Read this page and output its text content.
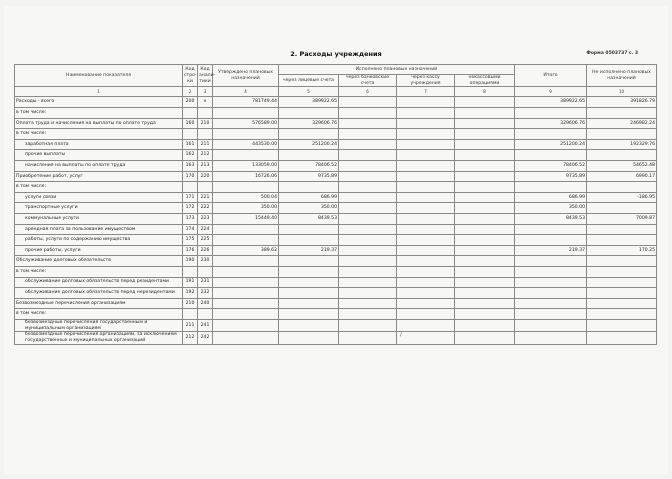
2. Расходы учреждения	Форма 0503737 с. 3
Наименование показателя	Код стро-ки	Код анали-тики	Утверждено плановых назначений	Исполнено плановых назначений				Итого	Не исполнено плановых назначений
				через лицевые счета	через банковские счета	через кассу учреждения	некассовыми операциями		
1	2	3	4	5	6	7	8	9	10
Расходы - всего	200	x	781749.44	389922.65				389922.65	391826.79
в том числе:									
Оплата труда и начисления на выплаты по оплате труда	160	210	576589.00	329606.76				329606.76	246982.24
в том числе:									
заработная плата	161	211	443530.00	251200.24				251200.24	192329.76
прочие выплаты	162	212							
начисления на выплаты по оплате труда	163	213	133059.00	78406.52				78406.52	54652.48
Приобретение работ, услуг	170	220	16726.06	9735.89				9735.89	6990.17
в том числе:									
услуги связи	171	221	500.04	686.99				686.99	-186.95
транспортные услуги	172	222	350.00	350.00				350.00	
коммунальные услуги	173	223	15449.40	8439.53				8439.53	7009.87
арендная плата за пользование имуществом	174	224							
работы, услуги по содержанию имущества	175	225							
прочие работы, услуги	176	226	389.62	219.37				219.37	170.25
Обслуживание долговых обязательств	190	230							
в том числе:									
обслуживание долговых обязательств перед резидентами	191	231							
обслуживание долговых обязательств перед нерезидентами	192	232							
Безвозмездные перечисления организациям	210	240							
в том числе:									
безвозмездные перечисления государственным и муниципальным организациям	211	241							
безвозмездные перечисления организациям, за исключением государственных и муниципальных организаций	212	242								/
